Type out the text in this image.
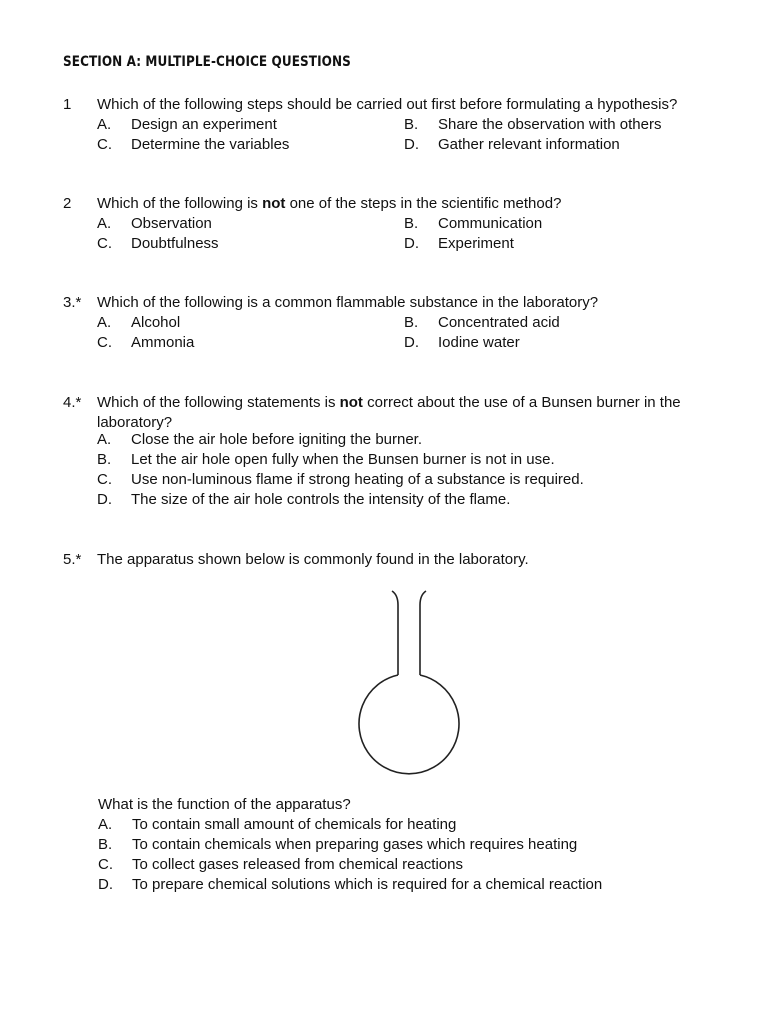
SECTION A: MULTIPLE-CHOICE QUESTIONS
1 Which of the following steps should be carried out first before formulating a hypothesis?
A. Design an experiment	B. Share the observation with others
C. Determine the variables	D. Gather relevant information
2 Which of the following is not one of the steps in the scientific method?
A. Observation	B. Communication
C. Doubtfulness	D. Experiment
3.* Which of the following is a common flammable substance in the laboratory?
A. Alcohol	B. Concentrated acid
C. Ammonia	D. Iodine water
4.* Which of the following statements is not correct about the use of a Bunsen burner in the laboratory?
A. Close the air hole before igniting the burner.
B. Let the air hole open fully when the Bunsen burner is not in use.
C. Use non-luminous flame if strong heating of a substance is required.
D. The size of the air hole controls the intensity of the flame.
5.* The apparatus shown below is commonly found in the laboratory.
What is the function of the apparatus?
A. To contain small amount of chemicals for heating
B. To contain chemicals when preparing gases which requires heating
C. To collect gases released from chemical reactions
D. To prepare chemical solutions which is required for a chemical reaction
